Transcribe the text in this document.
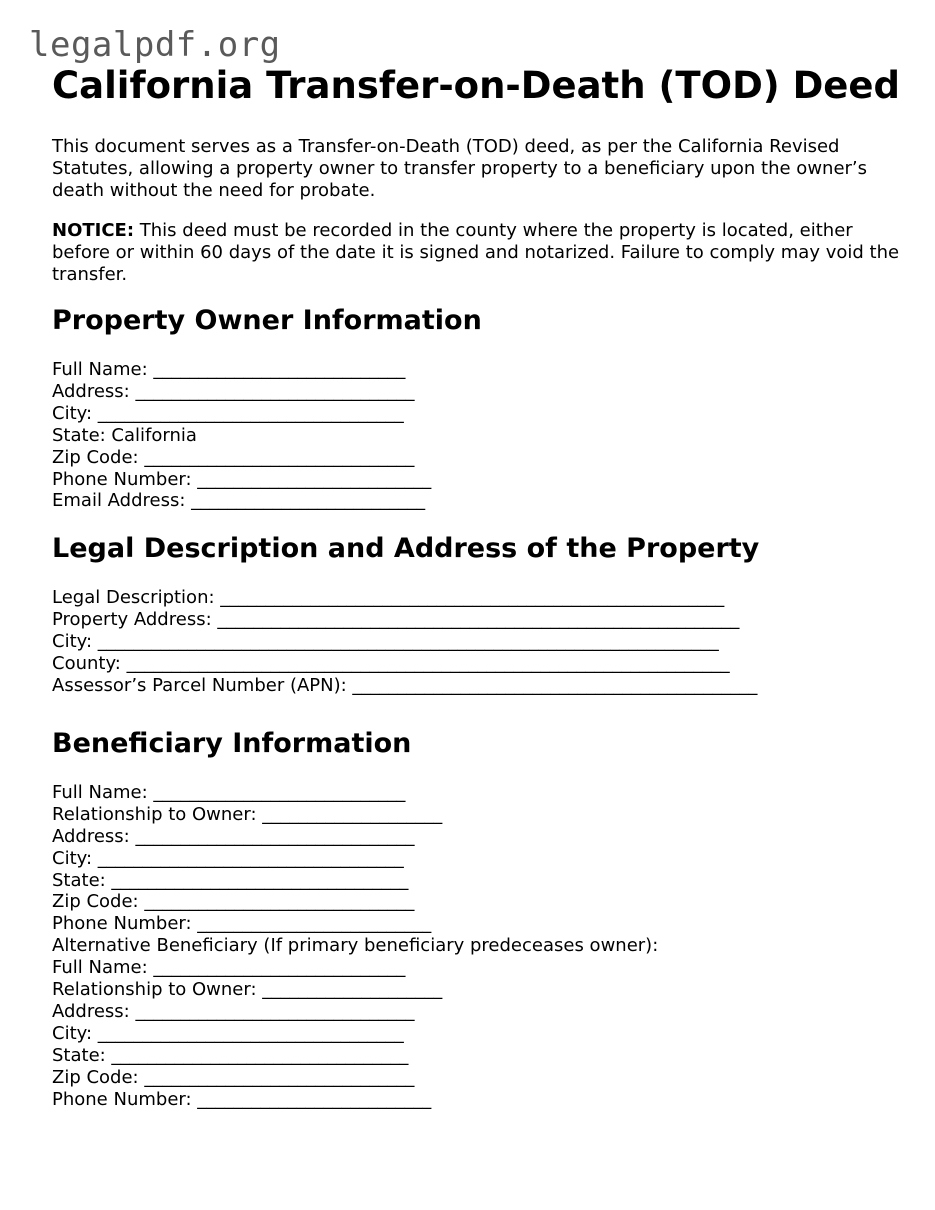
legalpdf.org
California Transfer-on-Death (TOD) Deed

This document serves as a Transfer-on-Death (TOD) deed, as per the California Revised Statutes, allowing a property owner to transfer property to a beneficiary upon the owner’s death without the need for probate.

NOTICE: This deed must be recorded in the county where the property is located, either before or within 60 days of the date it is signed and notarized. Failure to comply may void the transfer.

Property Owner Information
Full Name: ____________________________
Address: _______________________________
City: __________________________________
State: California
Zip Code: ______________________________
Phone Number: __________________________
Email Address: __________________________
Legal Description and Address of the Property
Legal Description: ________________________________________________________
Property Address: __________________________________________________________
City: _____________________________________________________________________
County: ___________________________________________________________________
Assessor’s Parcel Number (APN): _____________________________________________
Beneficiary Information
Full Name: ____________________________
Relationship to Owner: ____________________
Address: _______________________________
City: __________________________________
State: _________________________________
Zip Code: ______________________________
Phone Number: __________________________
Alternative Beneficiary (If primary beneficiary predeceases owner):
Full Name: ____________________________
Relationship to Owner: ____________________
Address: _______________________________
City: __________________________________
State: _________________________________
Zip Code: ______________________________
Phone Number: __________________________
